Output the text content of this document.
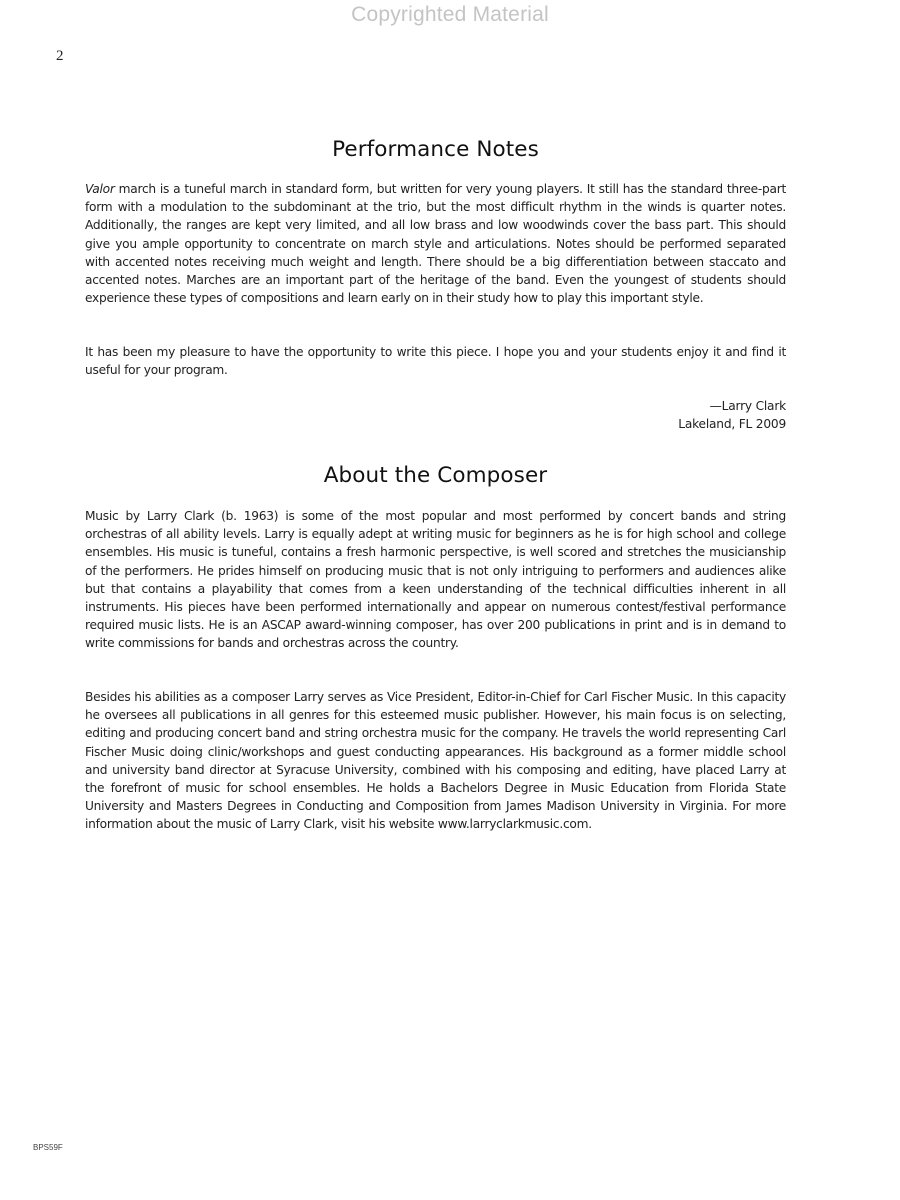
Copyrighted Material
2
Performance Notes

Valor march is a tuneful march in standard form, but written for very young players. It still has the standard three-part form with a modulation to the subdominant at the trio, but the most difficult rhythm in the winds is quarter notes. Additionally, the ranges are kept very limited, and all low brass and low woodwinds cover the bass part. This should give you ample opportunity to concentrate on march style and articulations. Notes should be performed separated with accented notes receiving much weight and length. There should be a big differentiation between staccato and accented notes. Marches are an important part of the heritage of the band. Even the youngest of students should experience these types of compositions and learn early on in their study how to play this important style.

It has been my pleasure to have the opportunity to write this piece. I hope you and your students enjoy it and find it useful for your program.

—Larry Clark
Lakeland, FL 2009
About the Composer

Music by Larry Clark (b. 1963) is some of the most popular and most performed by concert bands and string orchestras of all ability levels. Larry is equally adept at writing music for beginners as he is for high school and college ensembles. His music is tuneful, contains a fresh harmonic perspective, is well scored and stretches the musicianship of the performers. He prides himself on producing music that is not only intriguing to performers and audiences alike but that contains a playability that comes from a keen understanding of the technical difficulties inherent in all instruments. His pieces have been performed internationally and appear on numerous contest/festival performance required music lists. He is an ASCAP award-winning composer, has over 200 publications in print and is in demand to write commissions for bands and orchestras across the country.

Besides his abilities as a composer Larry serves as Vice President, Editor-in-Chief for Carl Fischer Music. In this capacity he oversees all publications in all genres for this esteemed music publisher. However, his main focus is on selecting, editing and producing concert band and string orchestra music for the company. He travels the world representing Carl Fischer Music doing clinic/workshops and guest conducting appearances. His background as a former middle school and university band director at Syracuse University, combined with his composing and editing, have placed Larry at the forefront of music for school ensembles. He holds a Bachelors Degree in Music Education from Florida State University and Masters Degrees in Conducting and Composition from James Madison University in Virginia. For more information about the music of Larry Clark, visit his website www.larryclarkmusic.com.

BPS59F
